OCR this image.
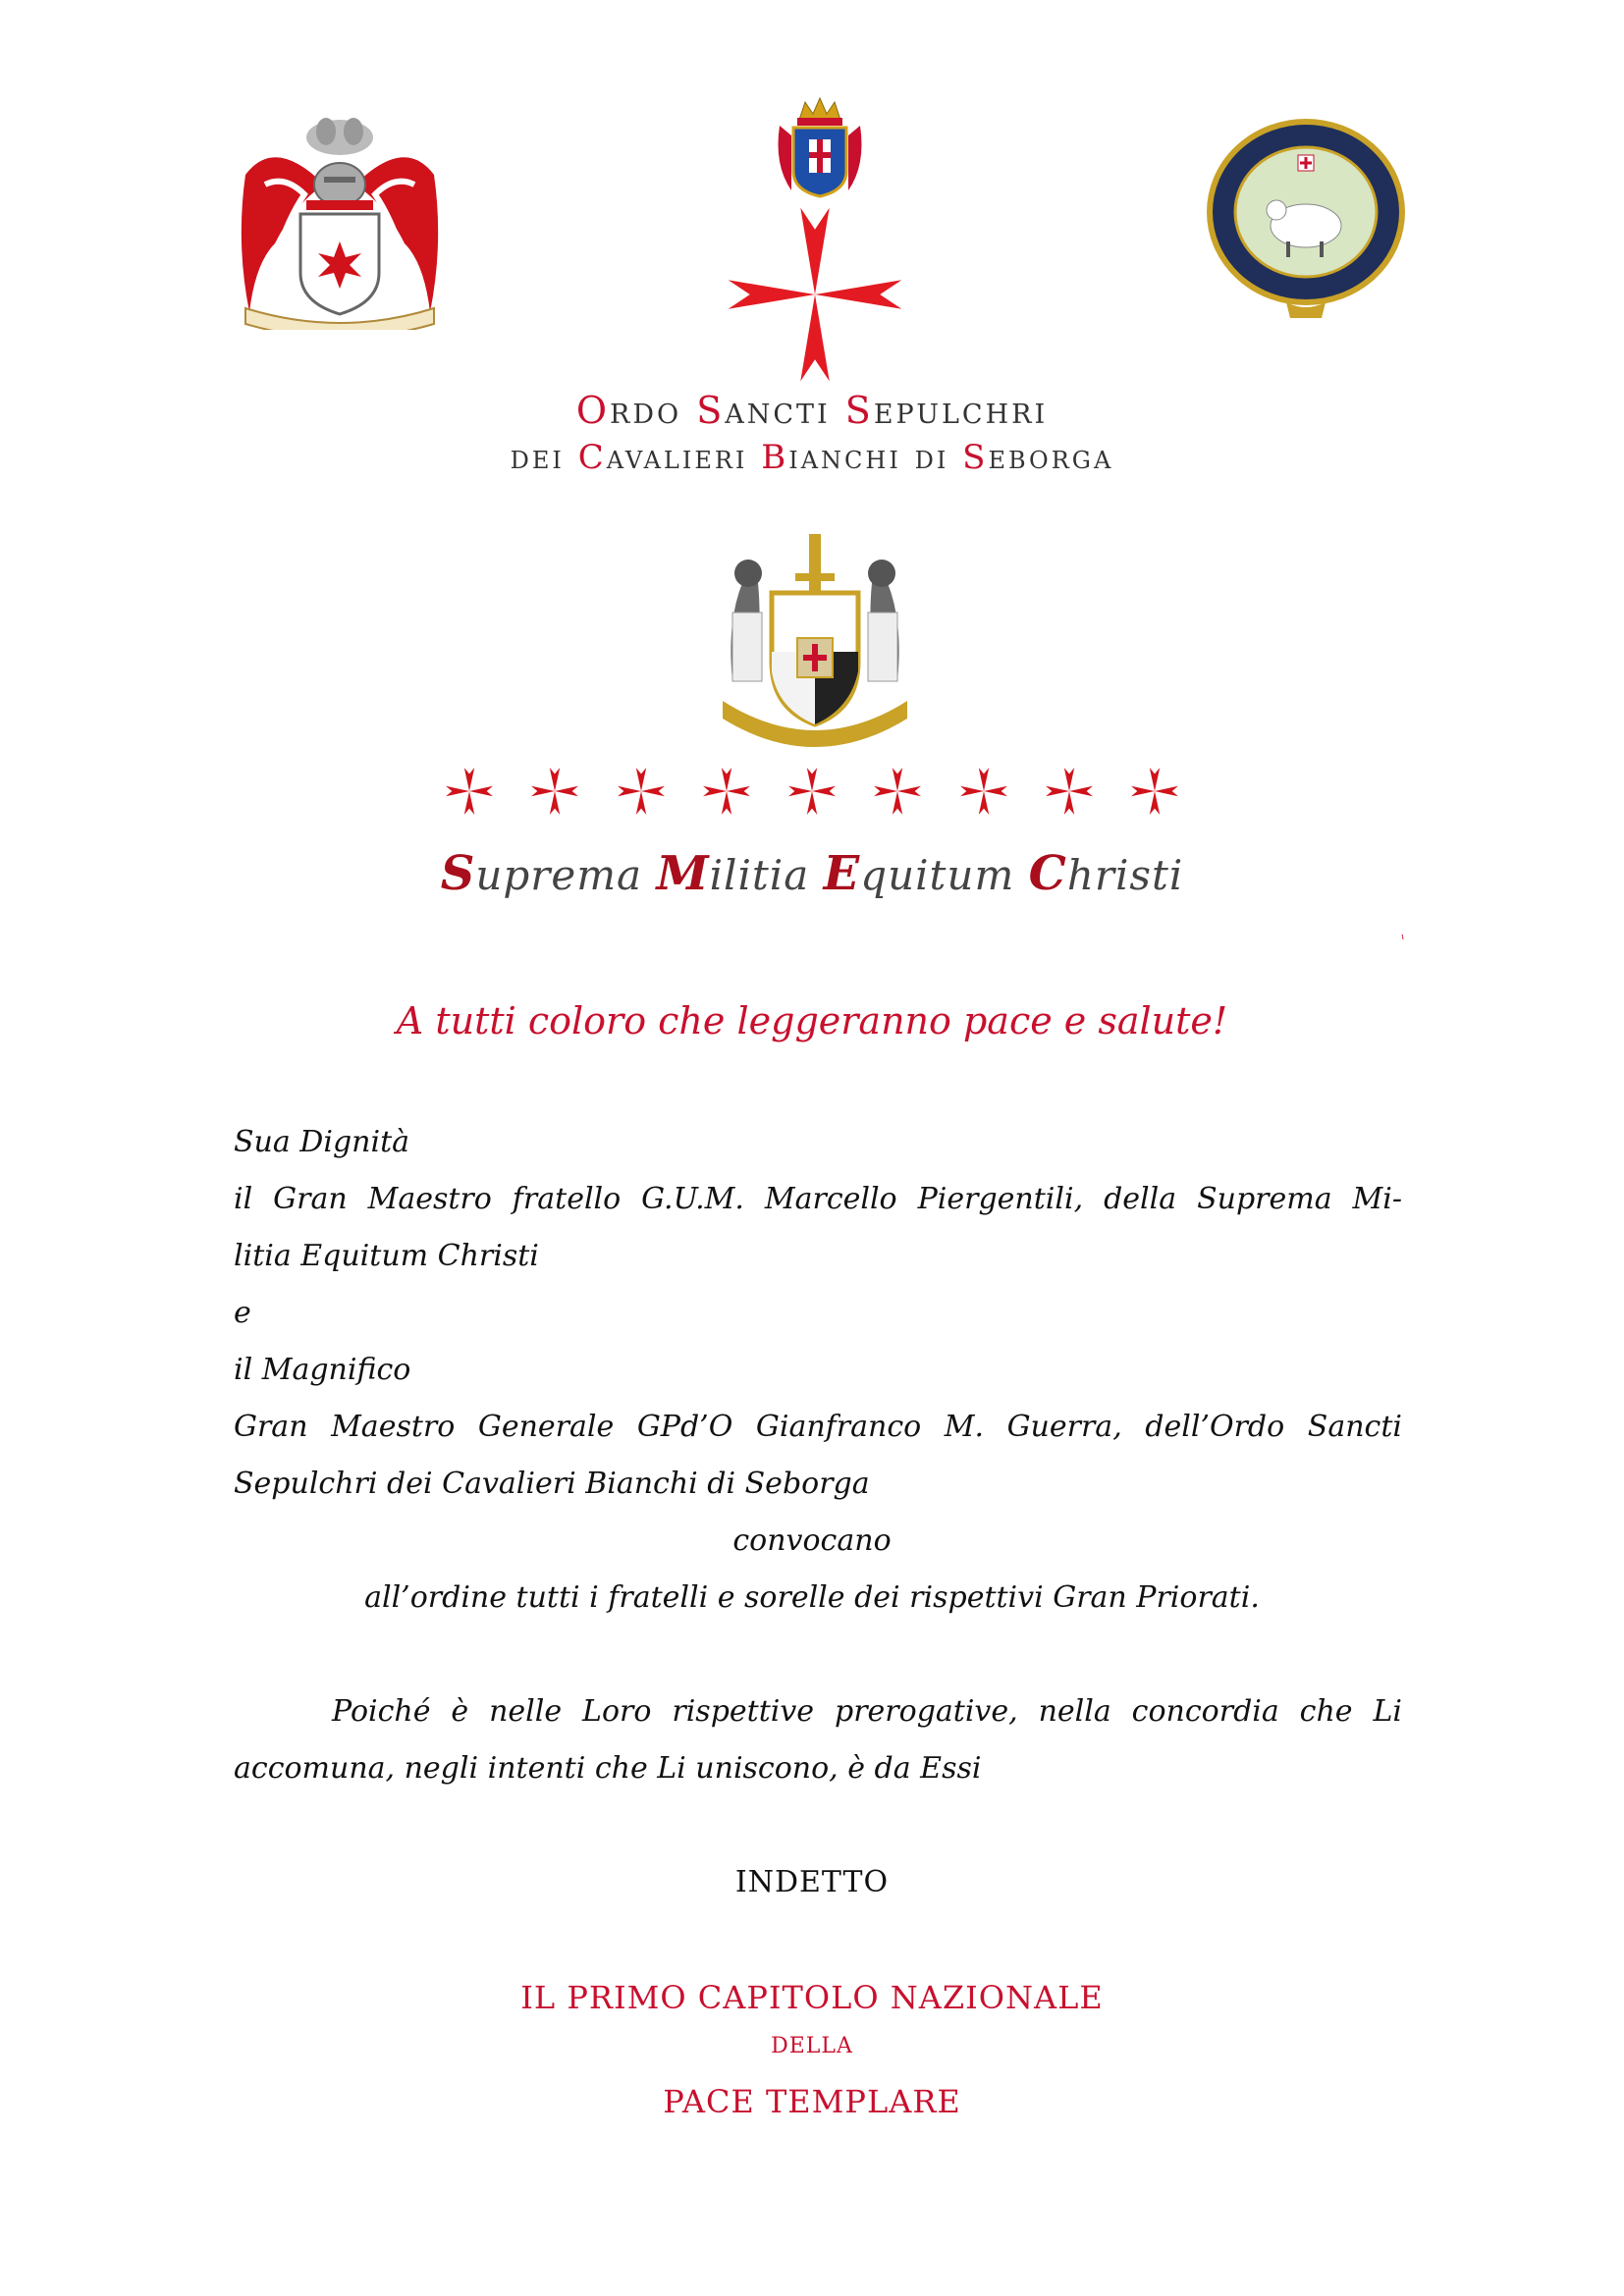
Ordo Sancti Sepulchri
dei Cavalieri Bianchi di Seborga
Suprema Militia Equitum Christi
ι
A tutti coloro che leggeranno pace e salute!
Sua Dignità
il Gran Maestro fratello G.U.M. Marcello Piergentili, della Suprema Mi-
litia Equitum Christi
e
il Magnifico
Gran Maestro Generale GPd’O Gianfranco M. Guerra, dell’Ordo Sancti
Sepulchri dei Cavalieri Bianchi di Seborga
convocano
all’ordine tutti i fratelli e sorelle dei rispettivi Gran Priorati.
Poiché è nelle Loro rispettive prerogative, nella concordia che Li
accomuna, negli intenti che Li uniscono, è da Essi
INDETTO
IL PRIMO CAPITOLO NAZIONALE
DELLA
PACE TEMPLARE
